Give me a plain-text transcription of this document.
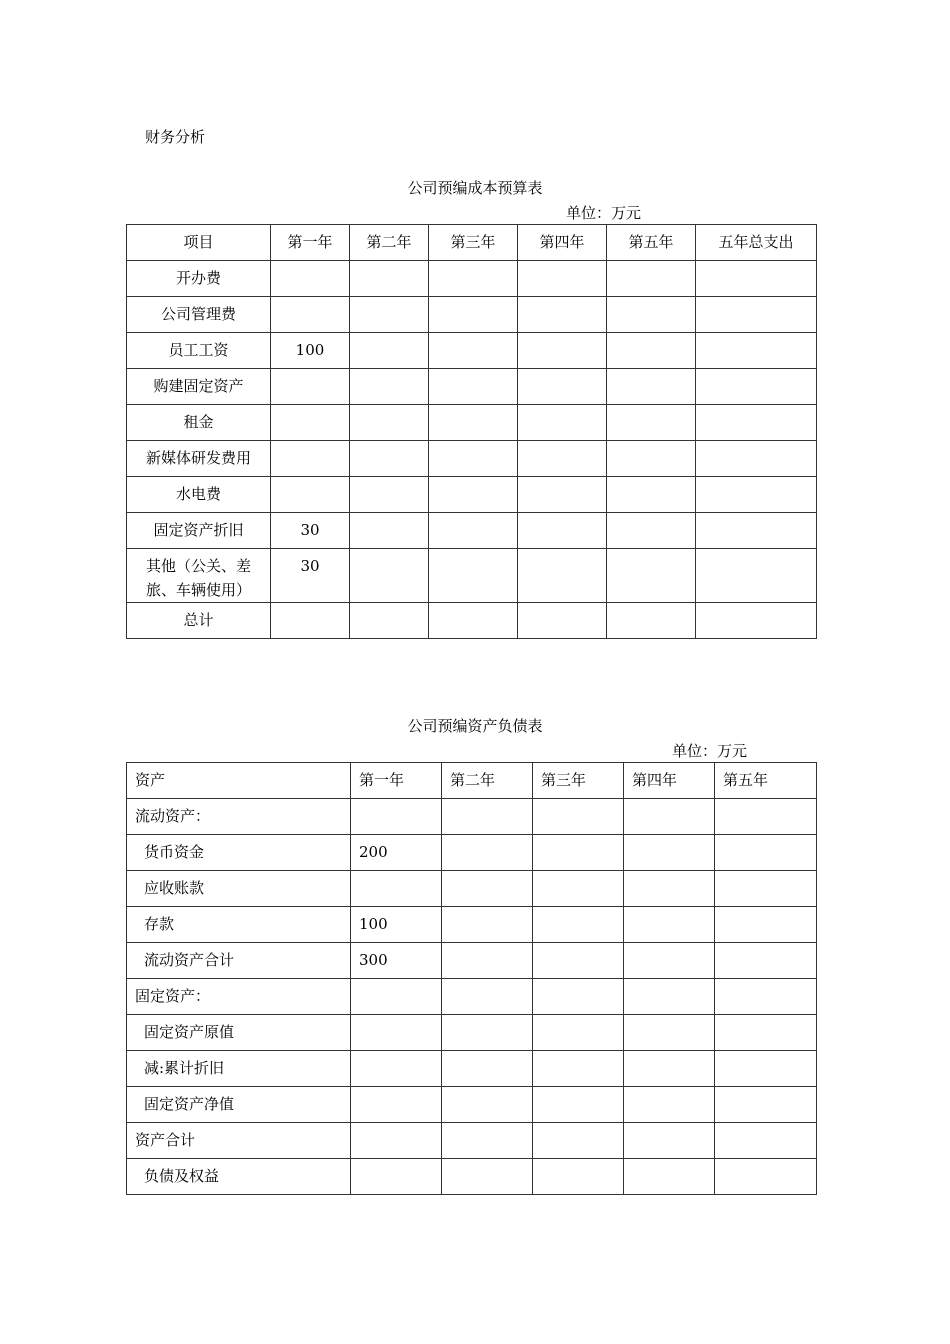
财务分析
公司预编成本预算表
单位：万元
项目	第一年	第二年	第三年	第四年	第五年	五年总支出

开办费						

公司管理费						

员工工资	100					

购建固定资产						

租金						

新媒体研发费用						

水电费						

固定资产折旧	30					

其他（公关、差旅、车辆使用）	30					

总计						

公司预编资产负债表
单位：万元
资产	第一年	第二年	第三年	第四年	第五年

流动资产：					

货币资金	200				

应收账款					

存款	100				

流动资产合计	300				

固定资产：					

固定资产原值					

减:累计折旧					

固定资产净值					

资产合计					

负债及权益					
